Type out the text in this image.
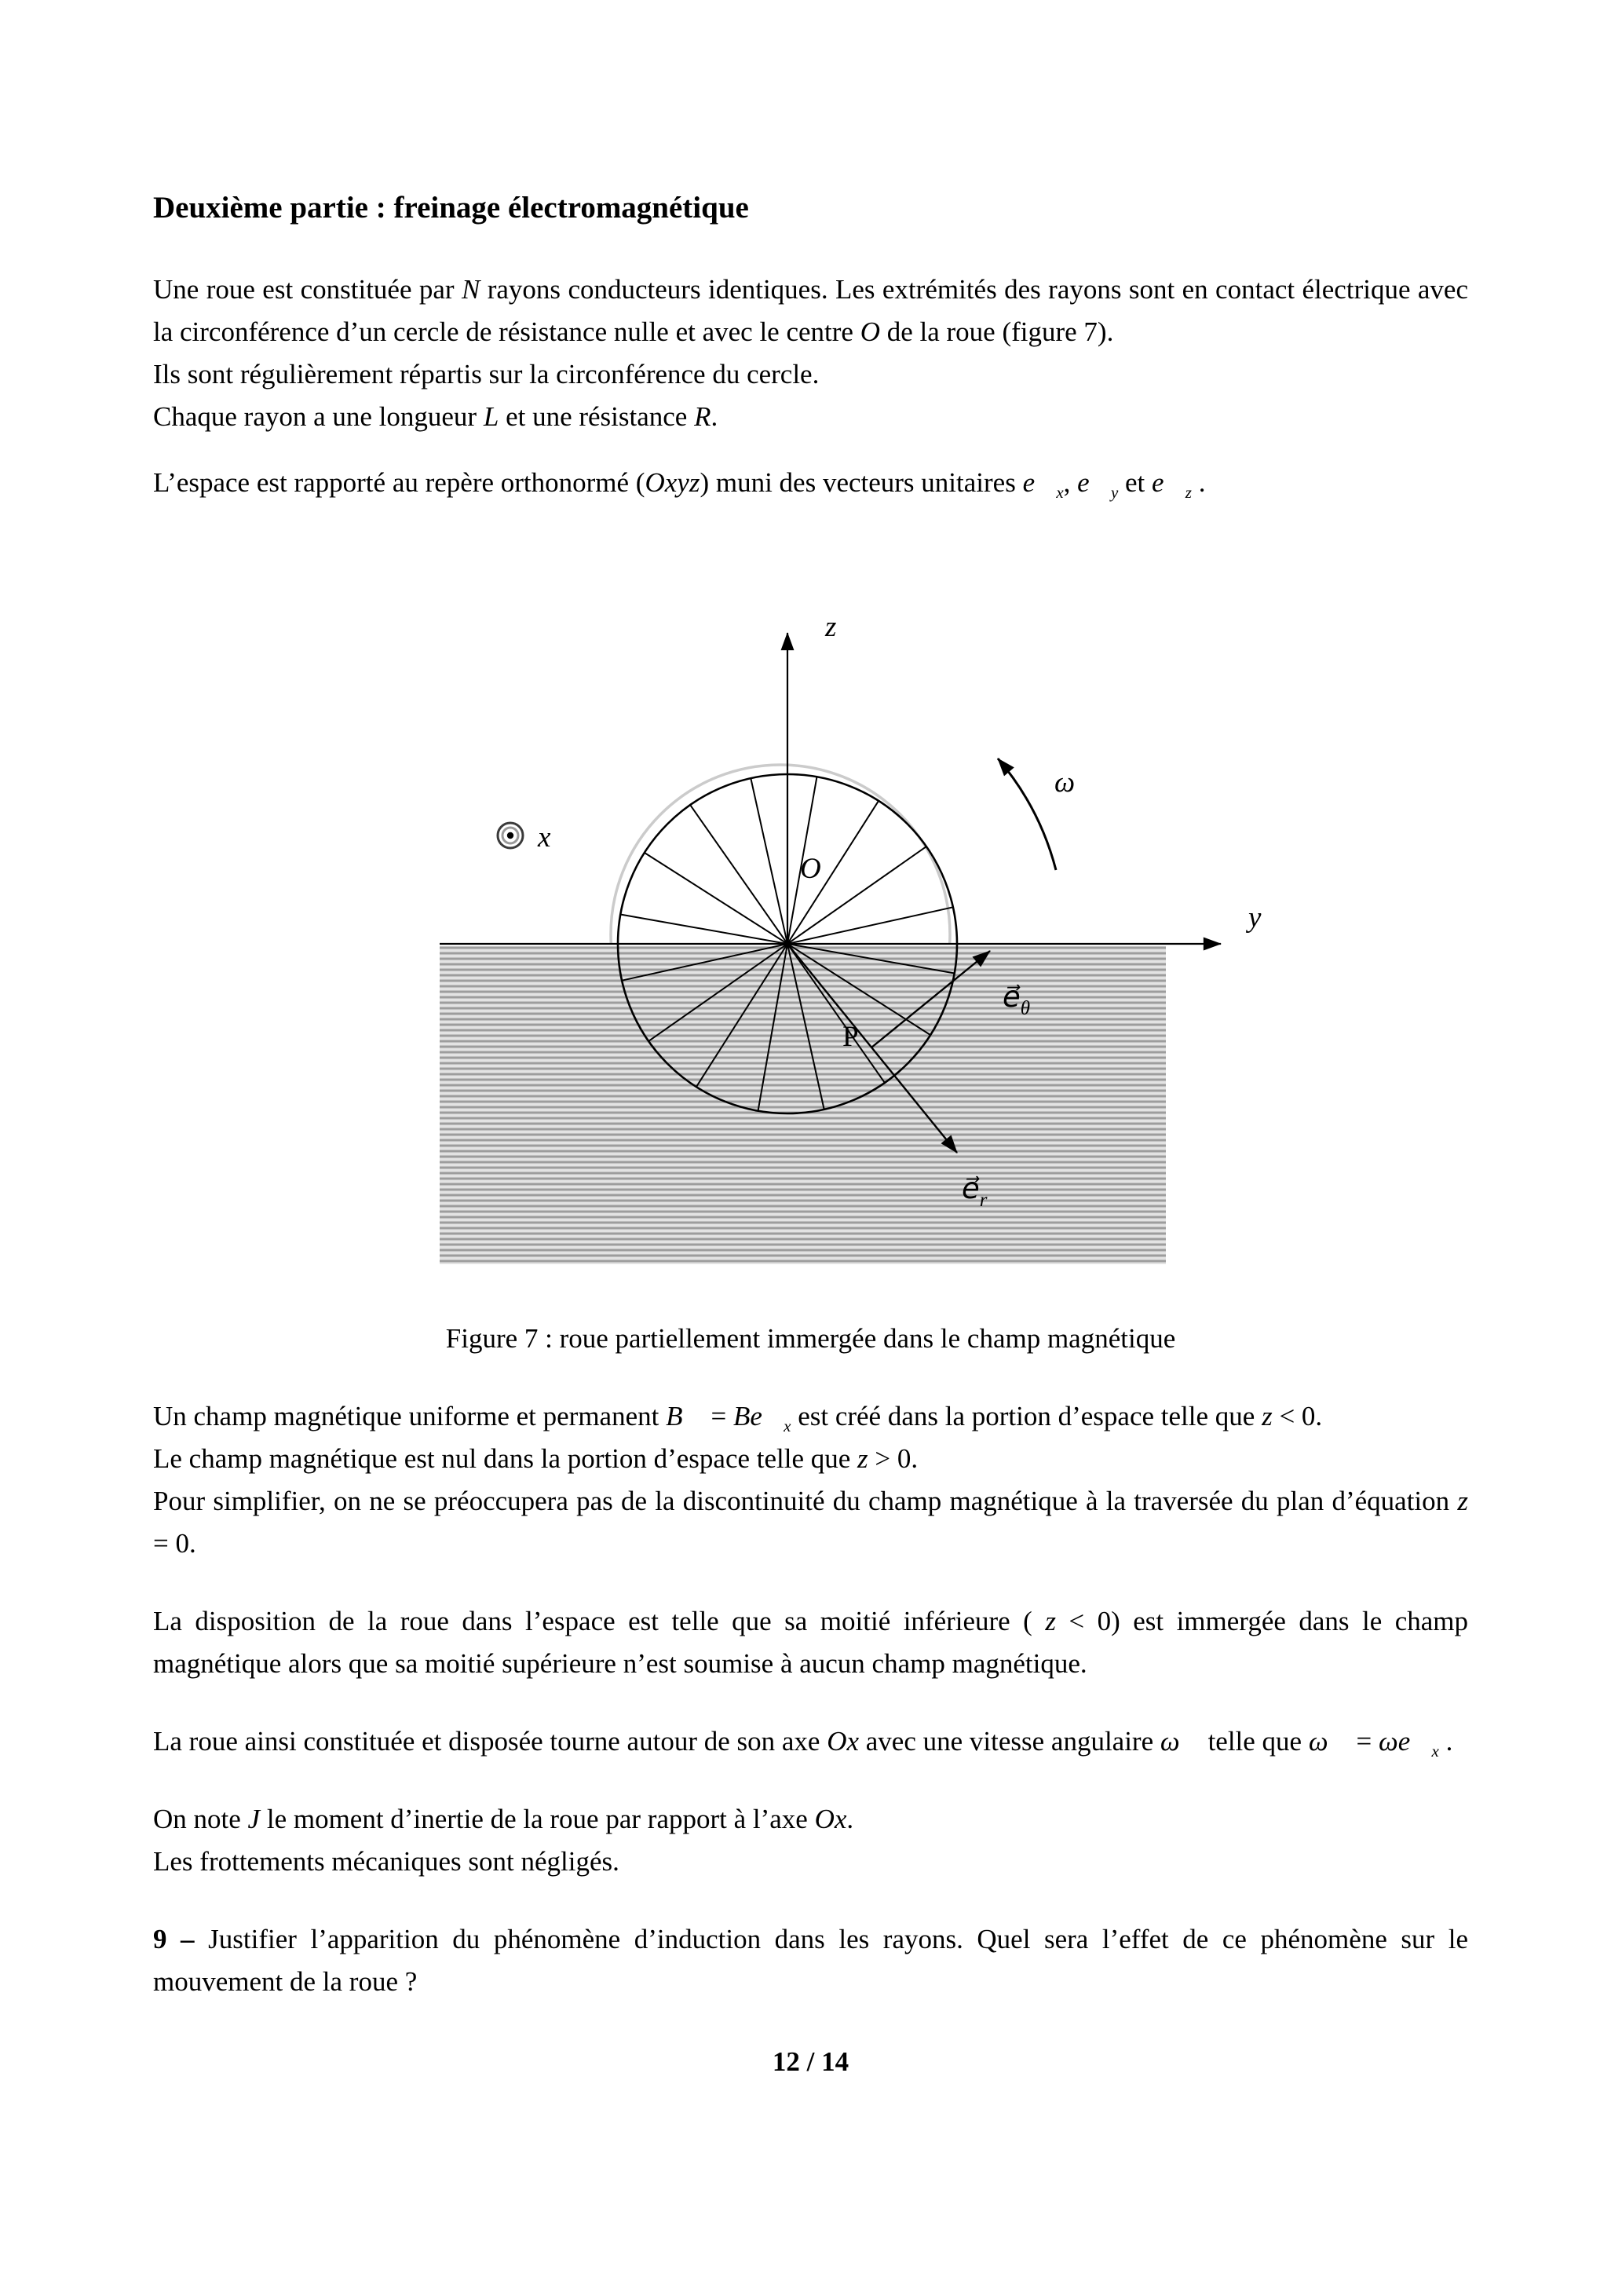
Deuxième partie : freinage électromagnétique

Une roue est constituée par N rayons conducteurs identiques. Les extrémités des rayons sont en contact électrique avec la circonférence d’un cercle de résistance nulle et avec le centre O de la roue (figure 7).

Ils sont régulièrement répartis sur la circonférence du cercle.

Chaque rayon a une longueur L et une résistance R.

L’espace est rapporté au repère orthonormé (Oxyz) muni des vecteurs unitaires $e⃗_x$, $e⃗_y$ et $e⃗_z$ .

z
y
x
O
P
ω
$e⃗_\theta$
$e⃗_r$
Figure 7 : roue partiellement immergée dans le champ magnétique

Un champ magnétique uniforme et permanent B⃗ = $Be⃗_x$ est créé dans la portion d’espace telle que z < 0.

Le champ magnétique est nul dans la portion d’espace telle que z > 0.

Pour simplifier, on ne se préoccupera pas de la discontinuité du champ magnétique à la traversée du plan d’équation z = 0.

La disposition de la roue dans l’espace est telle que sa moitié inférieure ( z < 0) est immergée dans le champ magnétique alors que sa moitié supérieure n’est soumise à aucun champ magnétique.

La roue ainsi constituée et disposée tourne autour de son axe Ox avec une vitesse angulaire ω⃗ telle que ω⃗ = $\omega e⃗_x$ .

On note J le moment d’inertie de la roue par rapport à l’axe Ox.

Les frottements mécaniques sont négligés.

9 – Justifier l’apparition du phénomène d’induction dans les rayons. Quel sera l’effet de ce phénomène sur le mouvement de la roue ?

12 / 14
